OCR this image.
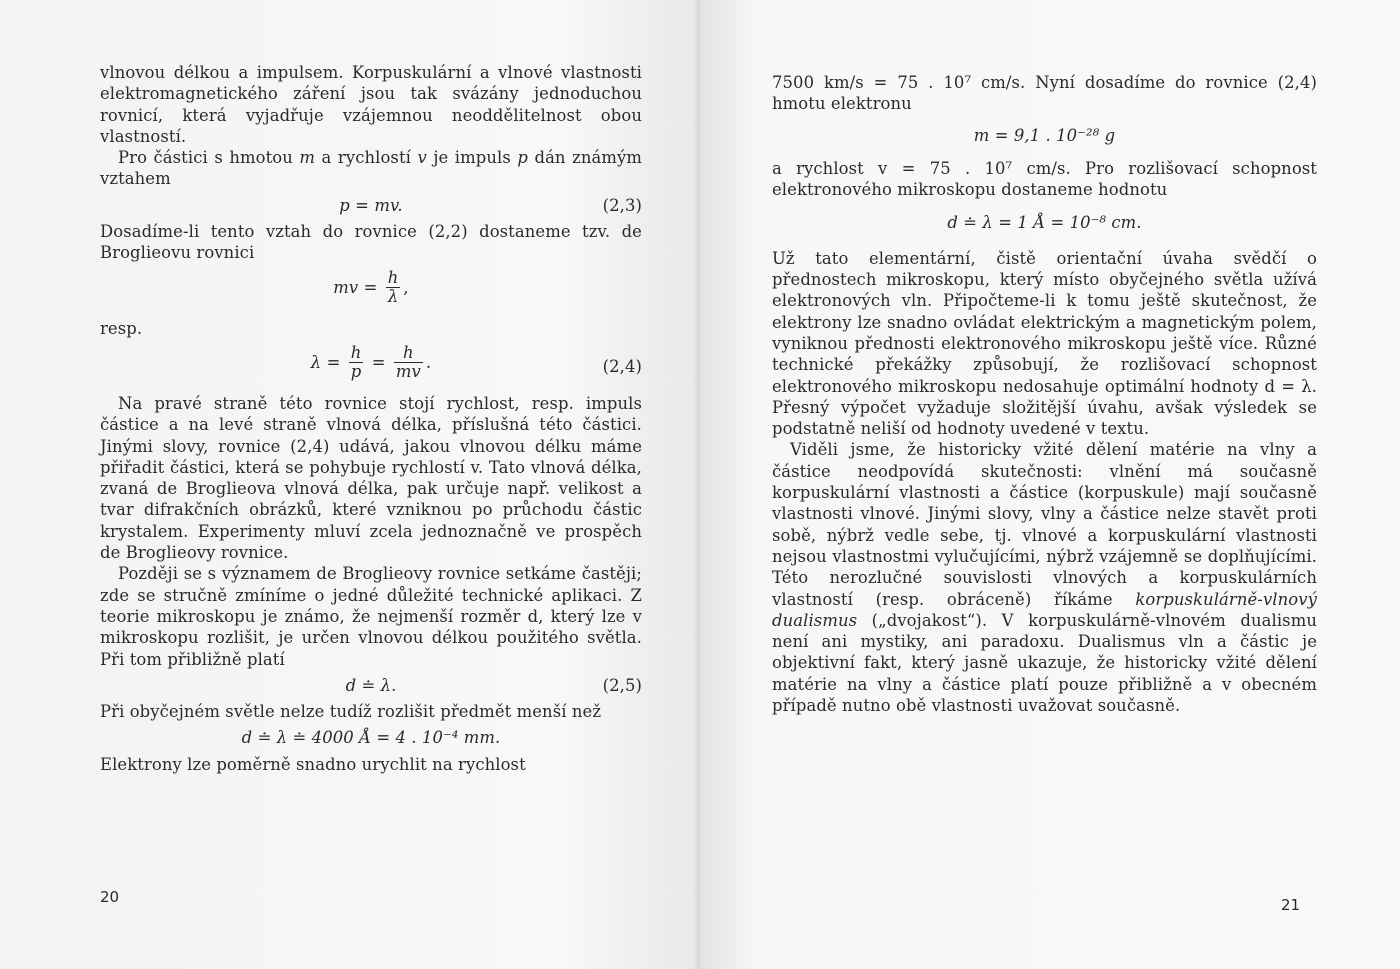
vlnovou délkou a impulsem. Korpuskulární a vlnové vlastnosti elektromagnetického záření jsou tak svázány jednoduchou rovnicí, která vyjadřuje vzájemnou neoddělitelnost obou vlastností.

Pro částici s hmotou m a rychlostí v je impuls p dán známým vztahem

p = mv.	(2,3)

Dosadíme-li tento vztah do rovnice (2,2) dostaneme tzv. de Broglieovu rovnici

mv = $\frac{h}{\lambda}$ ,

resp.

$\lambda = \frac{h}{p} = \frac{h}{mv}$ .	(2,4)

Na pravé straně této rovnice stojí rychlost, resp. impuls částice a na levé straně vlnová délka, příslušná této částici. Jinými slovy, rovnice (2,4) udává, jakou vlnovou délku máme přiřadit částici, která se pohybuje rychlostí v. Tato vlnová délka, zvaná de Broglieova vlnová délka, pak určuje např. velikost a tvar difrakčních obrázků, které vzniknou po průchodu částic krystalem. Experimenty mluví zcela jednoznačně ve prospěch de Broglieovy rovnice.

Později se s významem de Broglieovy rovnice setkáme častěji; zde se stručně zmíníme o jedné důležité technické aplikaci. Z teorie mikroskopu je známo, že nejmenší rozměr d, který lze v mikroskopu rozlišit, je určen vlnovou délkou použitého světla. Při tom přibližně platí

d ≐ λ.	(2,5)

Při obyčejném světle nelze tudíž rozlišit předmět menší než

d ≐ λ ≐ 4000 Å = 4 . 10⁻⁴ mm.

Elektrony lze poměrně snadno urychlit na rychlost

20

7500 km/s = 75 . 10⁷ cm/s. Nyní dosadíme do rovnice (2,4) hmotu elektronu

m = 9,1 . 10⁻²⁸ g

a rychlost v = 75 . 10⁷ cm/s. Pro rozlišovací schopnost elektronového mikroskopu dostaneme hodnotu

d ≐ λ = 1 Å = 10⁻⁸ cm.

Už tato elementární, čistě orientační úvaha svědčí o přednostech mikroskopu, který místo obyčejného světla užívá elektronových vln. Připočteme-li k tomu ještě skutečnost, že elektrony lze snadno ovládat elektrickým a magnetickým polem, vyniknou přednosti elektronového mikroskopu ještě více. Různé technické překážky způsobují, že rozlišovací schopnost elektronového mikroskopu nedosahuje optimální hodnoty d = λ. Přesný výpočet vyžaduje složitější úvahu, avšak výsledek se podstatně neliší od hodnoty uvedené v textu.

Viděli jsme, že historicky vžité dělení matérie na vlny a částice neodpovídá skutečnosti: vlnění má současně korpuskulární vlastnosti a částice (korpuskule) mají současně vlastnosti vlnové. Jinými slovy, vlny a částice nelze stavět proti sobě, nýbrž vedle sebe, tj. vlnové a korpuskulární vlastnosti nejsou vlastnostmi vylučujícími, nýbrž vzájemně se doplňujícími. Této nerozlučné souvislosti vlnových a korpuskulárních vlastností (resp. obráceně) říkáme korpuskulárně-vlnový dualismus („dvojakost“). V korpuskulárně-vlnovém dualismu není ani mystiky, ani paradoxu. Dualismus vln a částic je objektivní fakt, který jasně ukazuje, že historicky vžité dělení matérie na vlny a částice platí pouze přibližně a v obecném případě nutno obě vlastnosti uvažovat současně.

21
